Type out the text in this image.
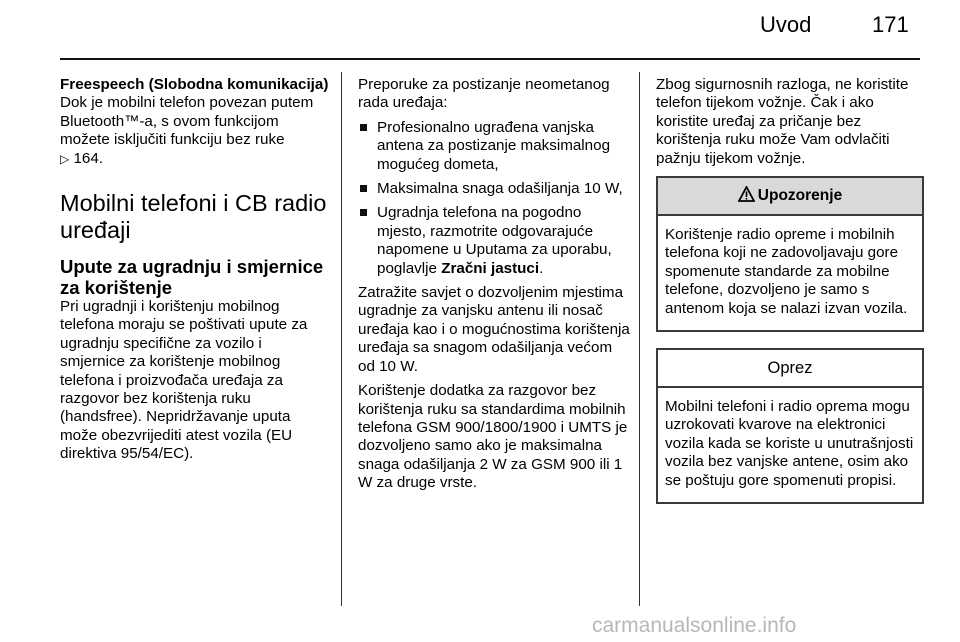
Uvod	171
Freespeech (Slobodna komunikacija)
Dok je mobilni telefon povezan putem Bluetooth™-a, s ovom funkcijom možete isključiti funkciju bez ruke
▷ 164.
Mobilni telefoni i CB radio uređaji
Upute za ugradnju i smjernice za korištenje
Pri ugradnji i korištenju mobilnog telefona moraju se poštivati upute za ugradnju specifične za vozilo i smjernice za korištenje mobilnog telefona i proizvođača uređaja za razgovor bez korištenja ruku (handsfree). Nepridržavanje uputa može obezvrijediti atest vozila (EU direktiva 95/54/EC).
Preporuke za postizanje neometanog rada uređaja:
Profesionalno ugrađena vanjska antena za postizanje maksimalnog mogućeg dometa,
Maksimalna snaga odašiljanja 10 W,
Ugradnja telefona na pogodno mjesto, razmotrite odgovarajuće napomene u Uputama za uporabu, poglavlje Zračni jastuci.
Zatražite savjet o dozvoljenim mjestima ugradnje za vanjsku antenu ili nosač uređaja kao i o mogućnostima korištenja uređaja sa snagom odašiljanja većom od 10 W.
Korištenje dodatka za razgovor bez korištenja ruku sa standardima mobilnih telefona GSM 900/1800/1900 i UMTS je dozvoljeno samo ako je maksimalna snaga odašiljanja 2 W za GSM 900 ili 1 W za druge vrste.
Zbog sigurnosnih razloga, ne koristite telefon tijekom vožnje. Čak i ako koristite uređaj za pričanje bez korištenja ruku može Vam odvlačiti pažnju tijekom vožnje.
Upozorenje
Korištenje radio opreme i mobilnih telefona koji ne zadovoljavaju gore spomenute standarde za mobilne telefone, dozvoljeno je samo s antenom koja se nalazi izvan vozila.
Oprez
Mobilni telefoni i radio oprema mogu uzrokovati kvarove na elektronici vozila kada se koriste u unutrašnjosti vozila bez vanjske antene, osim ako se poštuju gore spomenuti propisi.
carmanualsonline.info
